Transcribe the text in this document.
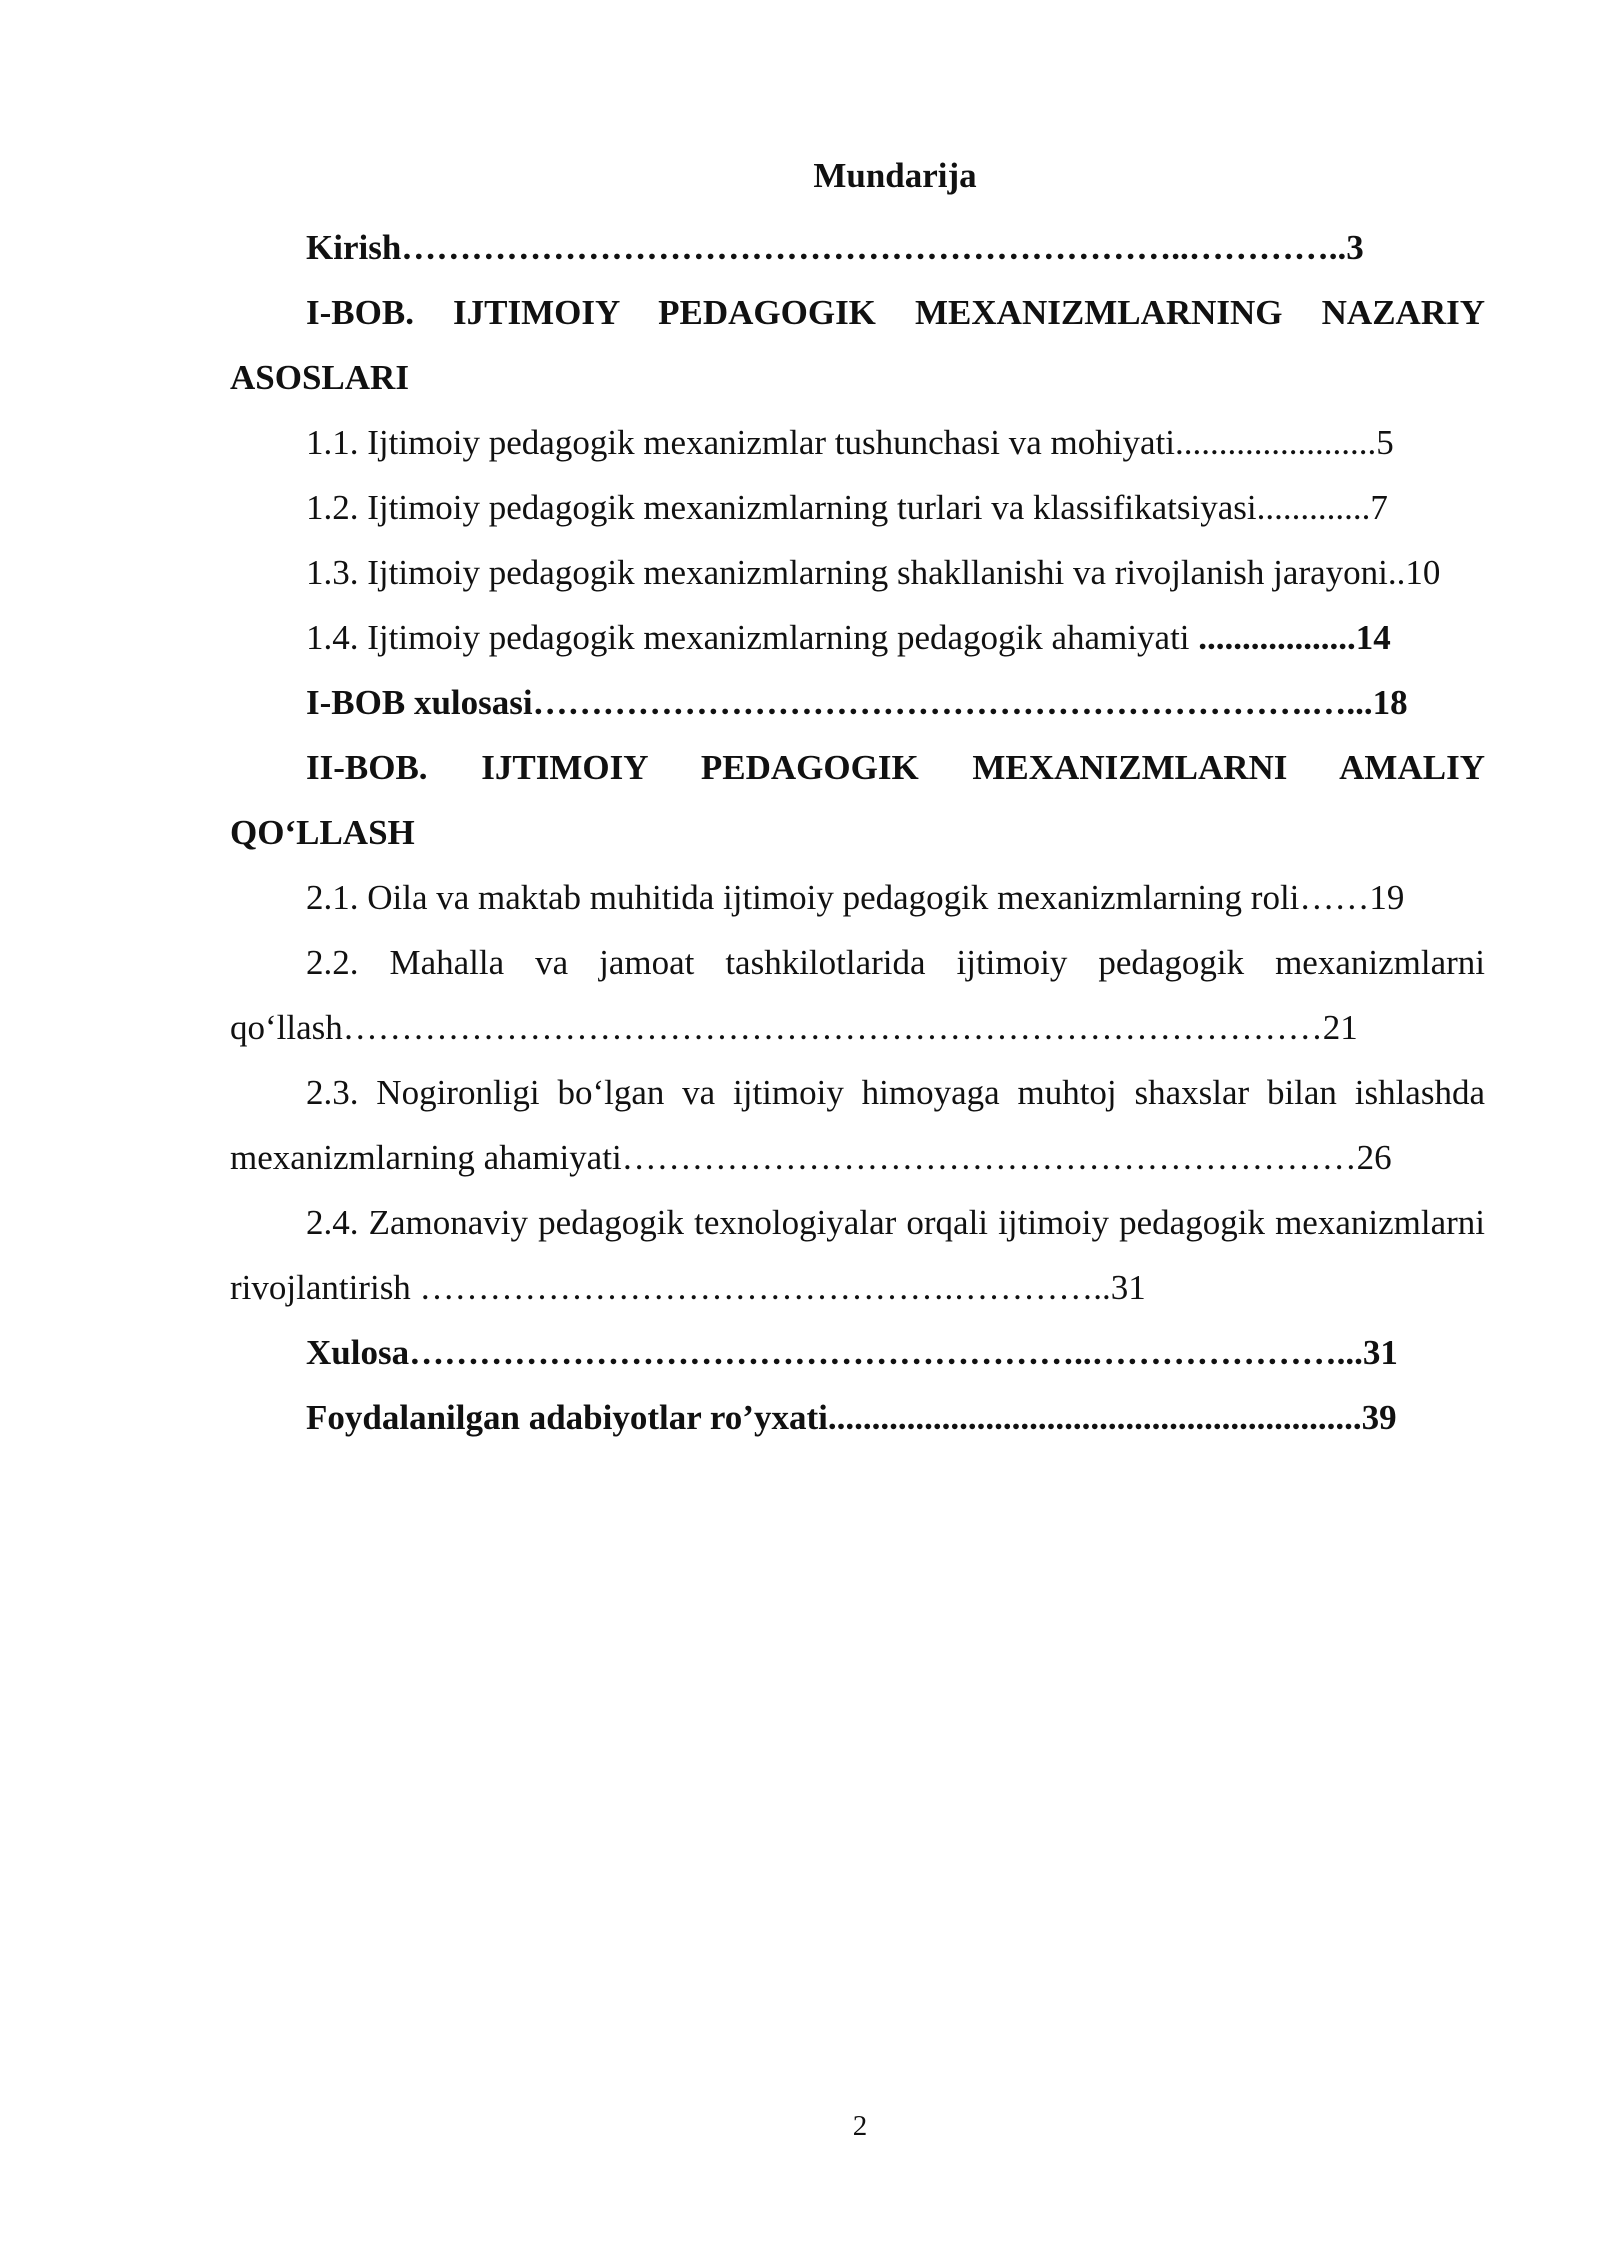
Mundarija

Kirish…………………………………………………………..…………..3

I-BOB. IJTIMOIY PEDAGOGIK MEXANIZMLARNING NAZARIY ASOSLARI

1.1. Ijtimoiy pedagogik mexanizmlar tushunchasi va mohiyati.......................5

1.2. Ijtimoiy pedagogik mexanizmlarning turlari va klassifikatsiyasi.............7

1.3. Ijtimoiy pedagogik mexanizmlarning shakllanishi va rivojlanish jarayoni..10

1.4. Ijtimoiy pedagogik mexanizmlarning pedagogik ahamiyati ..................14

I-BOB xulosasi………………………………………………………….…...18

II-BOB. IJTIMOIY PEDAGOGIK MEXANIZMLARNI AMALIY QO‘LLASH

2.1. Oila va maktab muhitida ijtimoiy pedagogik mexanizmlarning roli……19

2.2. Mahalla va jamoat tashkilotlarida ijtimoiy pedagogik mexanizmlarni qo‘llash…………………………………………………………………………21

2.3. Nogironligi bo‘lgan va ijtimoiy himoyaga muhtoj shaxslar bilan ishlashda mexanizmlarning ahamiyati………………………………………………………26

2.4. Zamonaviy pedagogik texnologiyalar orqali ijtimoiy pedagogik mexanizmlarni rivojlantirish ……………………………………….…………..31

Xulosa…………………………………………………..…………………...31

Foydalanilgan adabiyotlar ro’yxati.............................................................39

2
